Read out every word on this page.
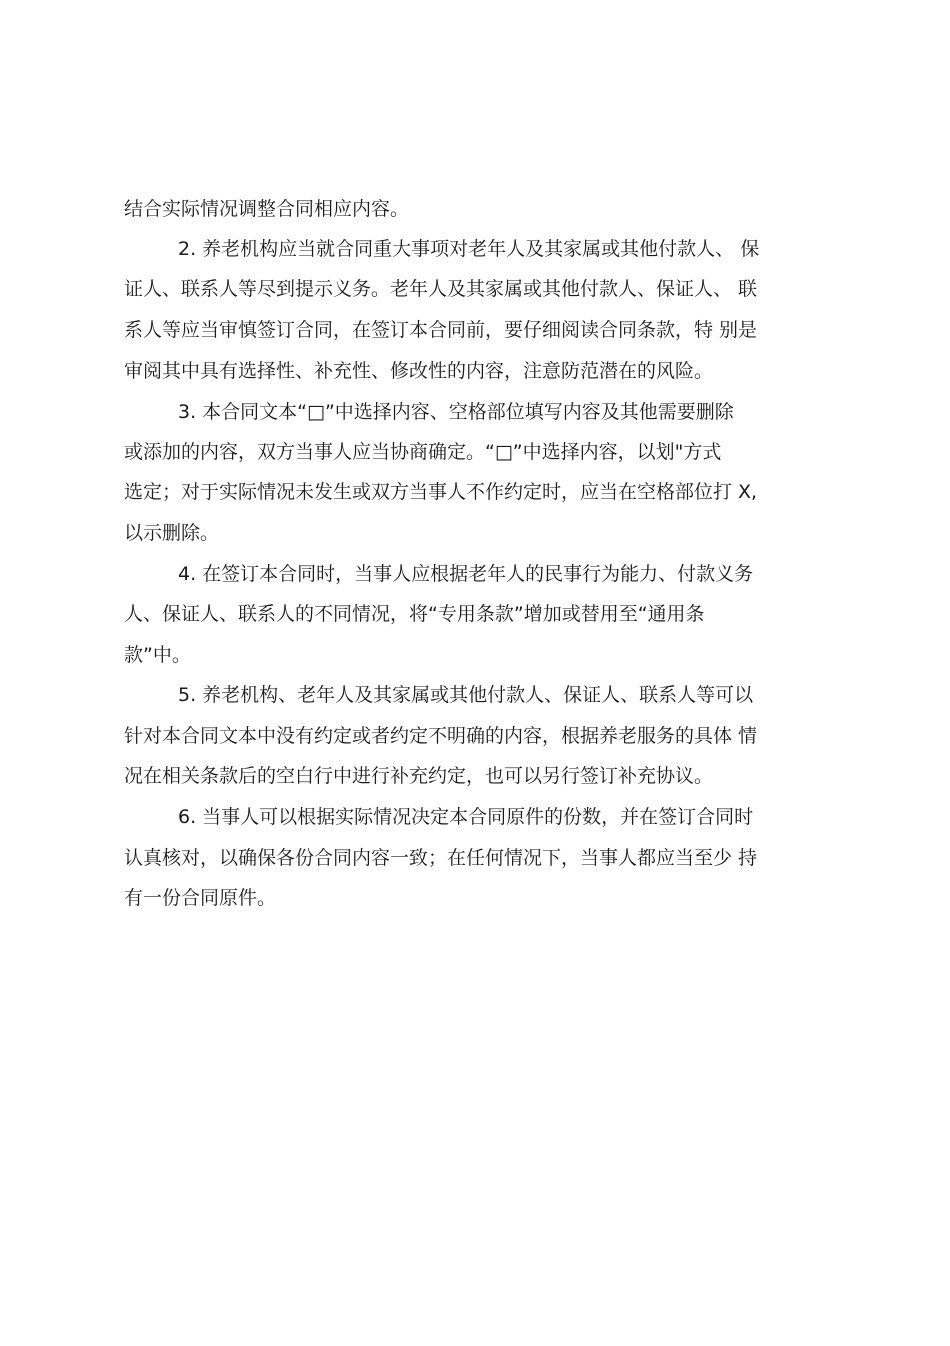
结合实际情况调整合同相应内容。

2. 养老机构应当就合同重大事项对老年人及其家属或其他付款人、 保

证人、联系人等尽到提示义务。老年人及其家属或其他付款人、保证人、 联

系人等应当审慎签订合同，在签订本合同前，要仔细阅读合同条款，特 别是

审阅其中具有选择性、补充性、修改性的内容，注意防范潜在的风险。

3. 本合同文本“□”中选择内容、空格部位填写内容及其他需要删除

或添加的内容，双方当事人应当协商确定。“□”中选择内容，以划"方式

选定；对于实际情况未发生或双方当事人不作约定时，应当在空格部位打 X,

以示删除。

4. 在签订本合同时，当事人应根据老年人的民事行为能力、付款义务

人、保证人、联系人的不同情况，将“专用条款”增加或替用至“通用条

款”中。

5. 养老机构、老年人及其家属或其他付款人、保证人、联系人等可以

针对本合同文本中没有约定或者约定不明确的内容，根据养老服务的具体 情

况在相关条款后的空白行中进行补充约定，也可以另行签订补充协议。

6. 当事人可以根据实际情况决定本合同原件的份数，并在签订合同时

认真核对，以确保各份合同内容一致；在任何情况下，当事人都应当至少 持

有一份合同原件。
